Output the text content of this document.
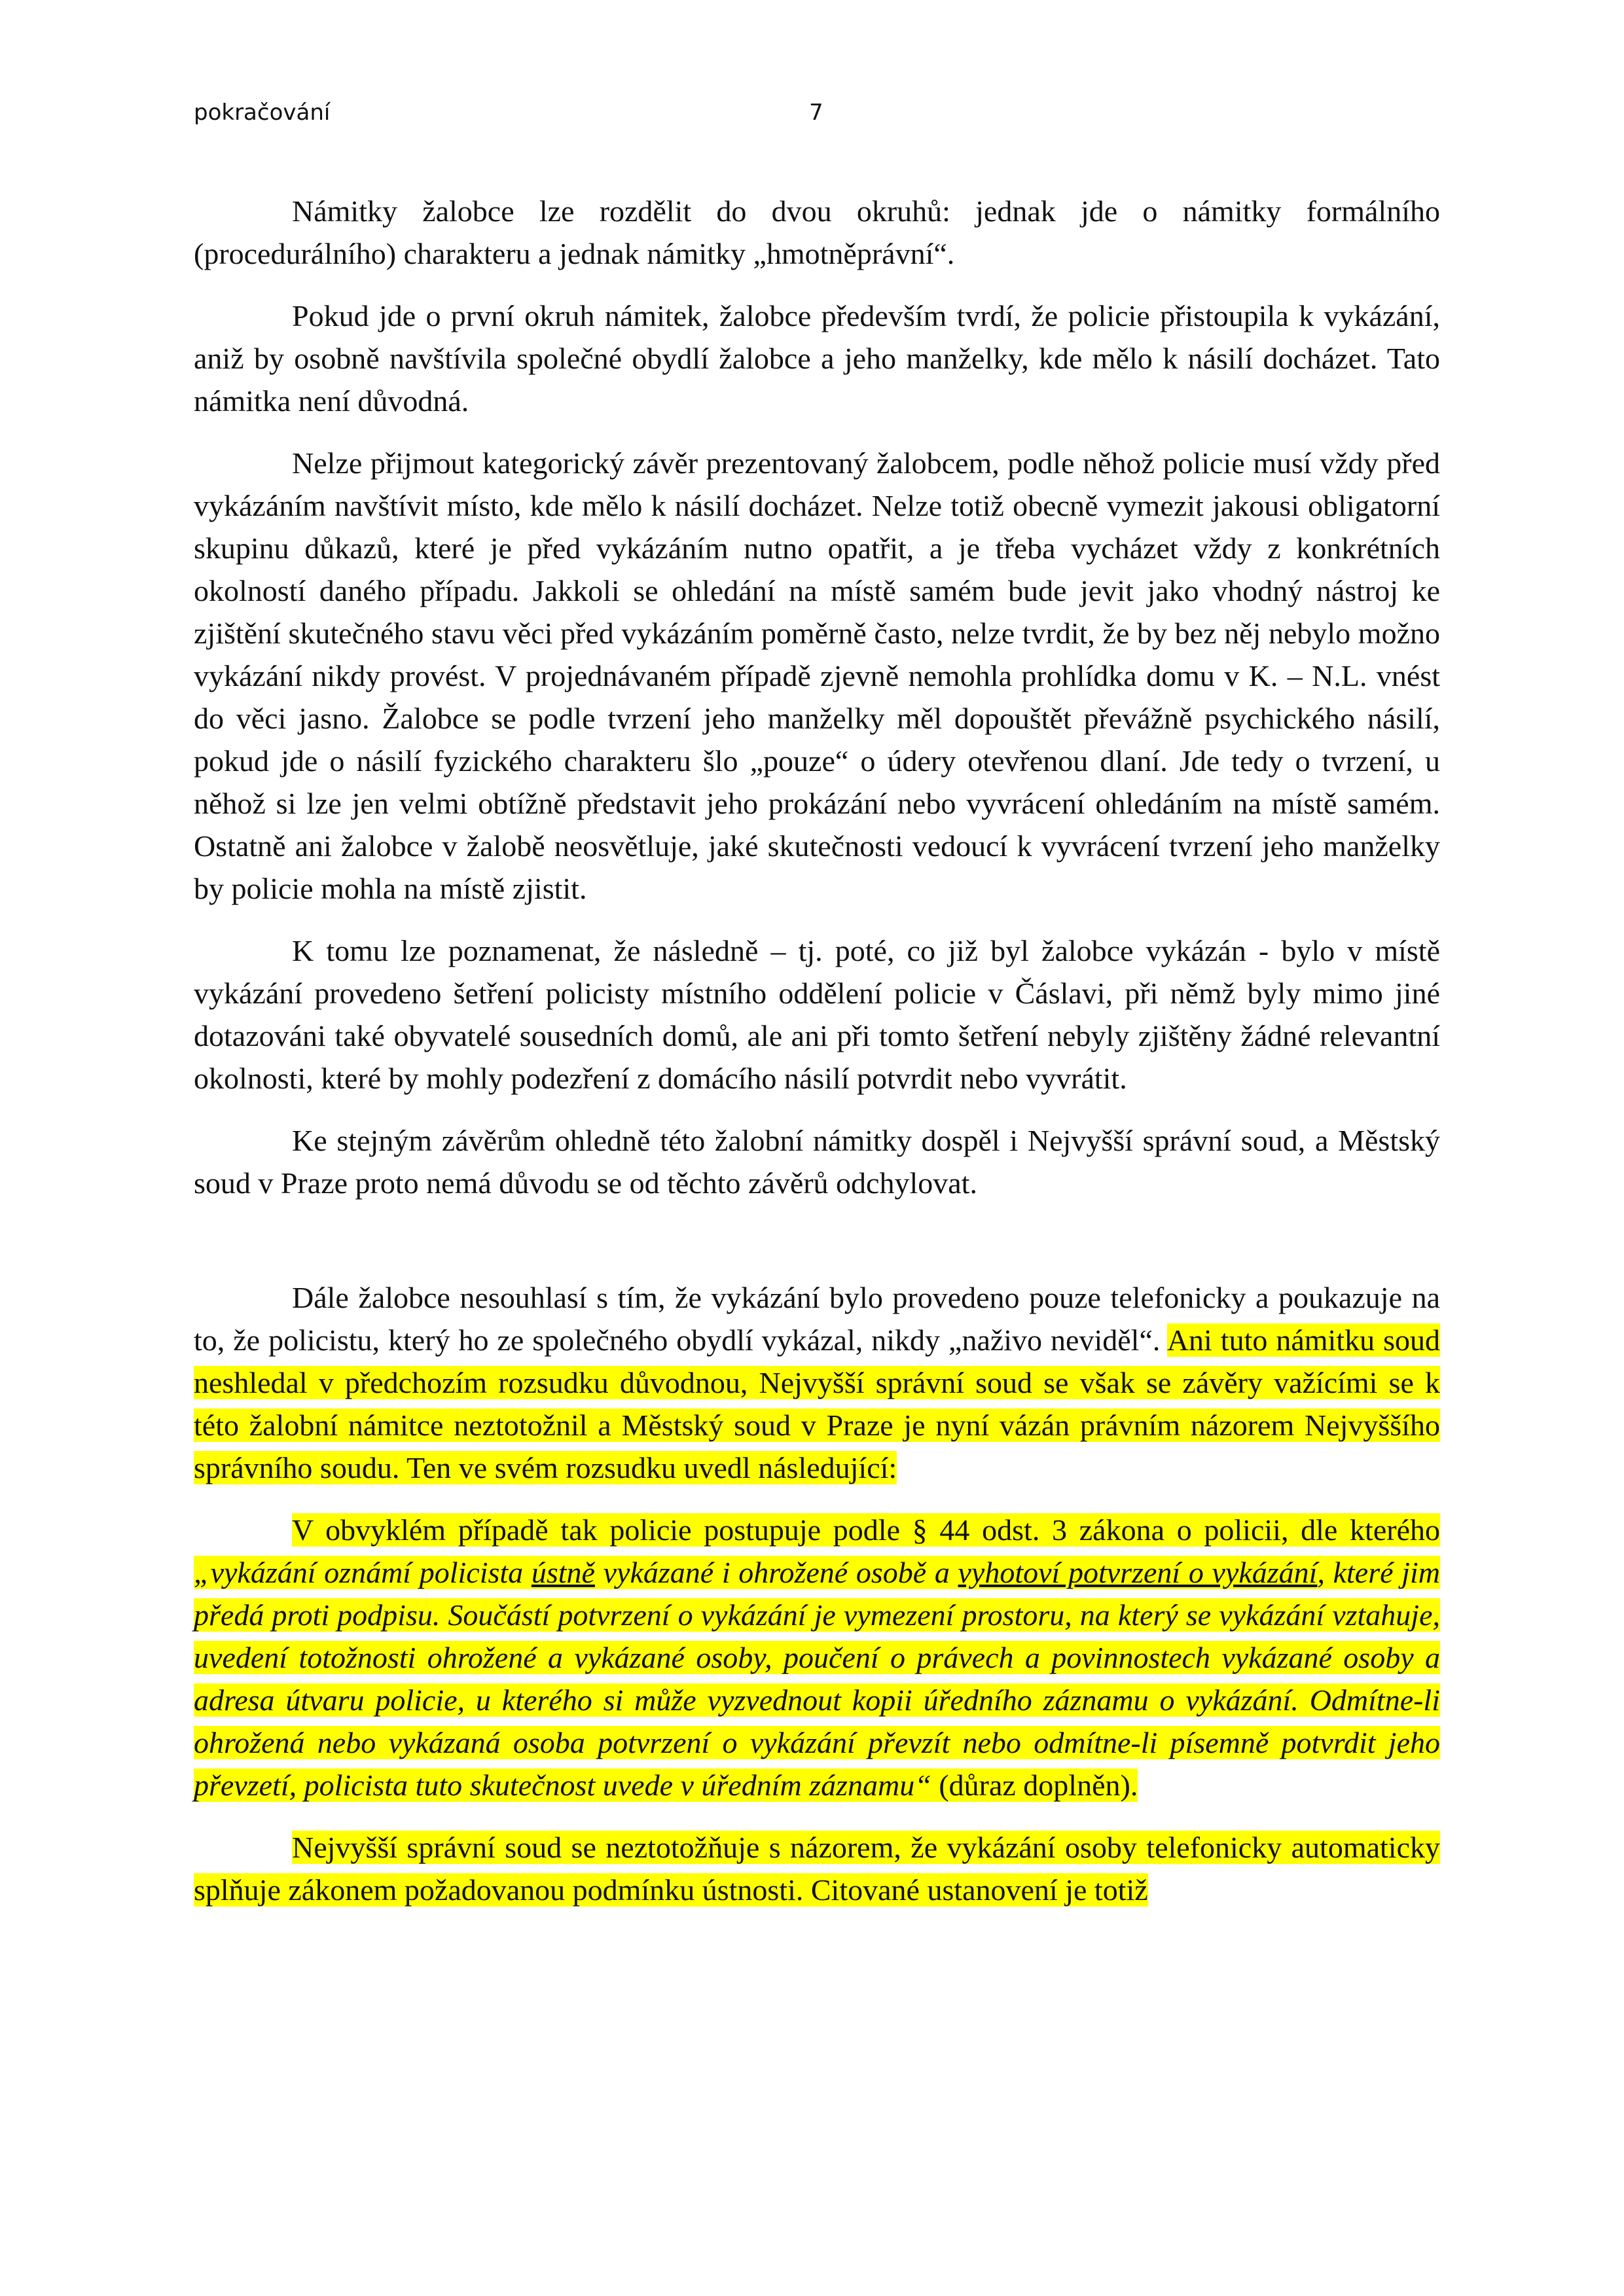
pokračování	7

Námitky žalobce lze rozdělit do dvou okruhů: jednak jde o námitky formálního (procedurálního) charakteru a jednak námitky „hmotněprávní“.

Pokud jde o první okruh námitek, žalobce především tvrdí, že policie přistoupila k vykázání, aniž by osobně navštívila společné obydlí žalobce a jeho manželky, kde mělo k násilí docházet. Tato námitka není důvodná.

Nelze přijmout kategorický závěr prezentovaný žalobcem, podle něhož policie musí vždy před vykázáním navštívit místo, kde mělo k násilí docházet. Nelze totiž obecně vymezit jakousi obligatorní skupinu důkazů, které je před vykázáním nutno opatřit, a je třeba vycházet vždy z konkrétních okolností daného případu. Jakkoli se ohledání na místě samém bude jevit jako vhodný nástroj ke zjištění skutečného stavu věci před vykázáním poměrně často, nelze tvrdit, že by bez něj nebylo možno vykázání nikdy provést. V projednávaném případě zjevně nemohla prohlídka domu v K. – N.L. vnést do věci jasno. Žalobce se podle tvrzení jeho manželky měl dopouštět převážně psychického násilí, pokud jde o násilí fyzického charakteru šlo „pouze“ o údery otevřenou dlaní. Jde tedy o tvrzení, u něhož si lze jen velmi obtížně představit jeho prokázání nebo vyvrácení ohledáním na místě samém. Ostatně ani žalobce v žalobě neosvětluje, jaké skutečnosti vedoucí k vyvrácení tvrzení jeho manželky by policie mohla na místě zjistit.

K tomu lze poznamenat, že následně – tj. poté, co již byl žalobce vykázán - bylo v místě vykázání provedeno šetření policisty místního oddělení policie v Čáslavi, při němž byly mimo jiné dotazováni také obyvatelé sousedních domů, ale ani při tomto šetření nebyly zjištěny žádné relevantní okolnosti, které by mohly podezření z domácího násilí potvrdit nebo vyvrátit.

Ke stejným závěrům ohledně této žalobní námitky dospěl i Nejvyšší správní soud, a Městský soud v Praze proto nemá důvodu se od těchto závěrů odchylovat.

Dále žalobce nesouhlasí s tím, že vykázání bylo provedeno pouze telefonicky a poukazuje na to, že policistu, který ho ze společného obydlí vykázal, nikdy „naživo neviděl“. Ani tuto námitku soud neshledal v předchozím rozsudku důvodnou, Nejvyšší správní soud se však se závěry važícími se k této žalobní námitce neztotožnil a Městský soud v Praze je nyní vázán právním názorem Nejvyššího správního soudu. Ten ve svém rozsudku uvedl následující:

V obvyklém případě tak policie postupuje podle § 44 odst. 3 zákona o policii, dle kterého „vykázání oznámí policista ústně vykázané i ohrožené osobě a vyhotoví potvrzení o vykázání, které jim předá proti podpisu. Součástí potvrzení o vykázání je vymezení prostoru, na který se vykázání vztahuje, uvedení totožnosti ohrožené a vykázané osoby, poučení o právech a povinnostech vykázané osoby a adresa útvaru policie, u kterého si může vyzvednout kopii úředního záznamu o vykázání. Odmítne-li ohrožená nebo vykázaná osoba potvrzení o vykázání převzít nebo odmítne-li písemně potvrdit jeho převzetí, policista tuto skutečnost uvede v úředním záznamu“ (důraz doplněn).

Nejvyšší správní soud se neztotožňuje s názorem, že vykázání osoby telefonicky automaticky splňuje zákonem požadovanou podmínku ústnosti. Citované ustanovení je totiž
